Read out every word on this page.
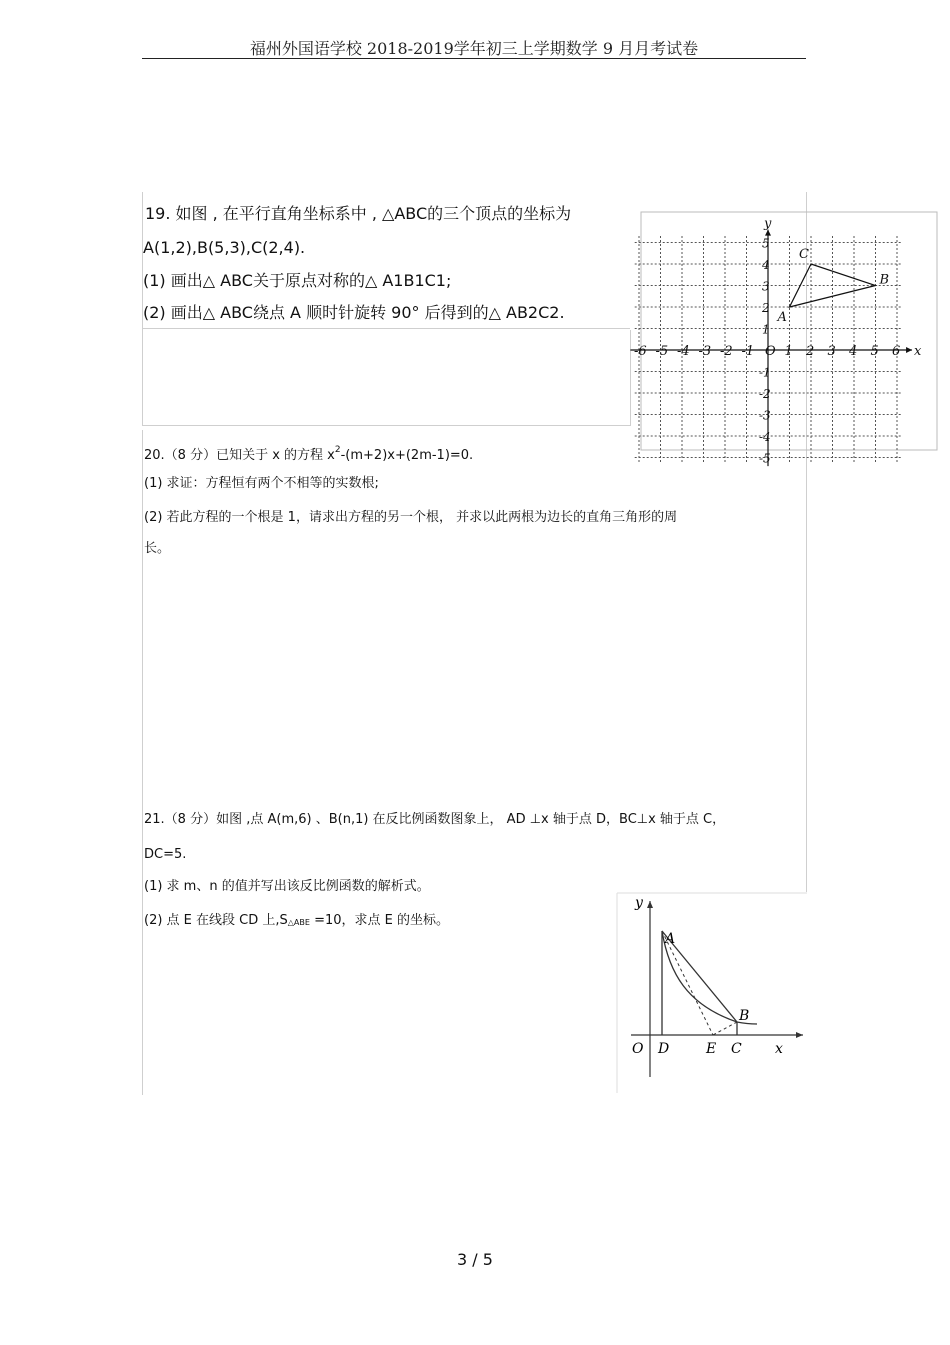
福州外国语学校 2018-2019学年初三上学期数学 9 月月考试卷
19. 如图 , 在平行直角坐标系中 , △ABC的三个顶点的坐标为
A(1,2),B(5,3),C(2,4).
(1) 画出△ ABC关于原点对称的△ A1B1C1;
(2) 画出△ ABC绕点 A 顺时针旋转 90° 后得到的△ AB2C2.
-6 -5 -4 -3 -2 -1 1 2 3 4 5 6
5
4
3
2
1
-1
-2
-3
-4
-5
O	x
y
A
B
C
20.（8 分）已知关于 x 的方程 $x^2-(m+2)x+(2m-1)=0$.
(1) 求证：方程恒有两个不相等的实数根;
(2) 若此方程的一个根是 1，请求出方程的另一个根， 并求以此两根为边长的直角三角形的周
长。
21.（8 分）如图 ,点 A(m,6) 、B(n,1) 在反比例函数图象上， AD ⊥x 轴于点 D，BC⊥x 轴于点 C，
DC=5.
(1) 求 m、n 的值并写出该反比例函数的解析式。
(2) 点 E 在线段 CD 上$,S_{\triangle ABE} =10$，求点 E 的坐标。
y
x
O D	E C
A
B
3 / 5
